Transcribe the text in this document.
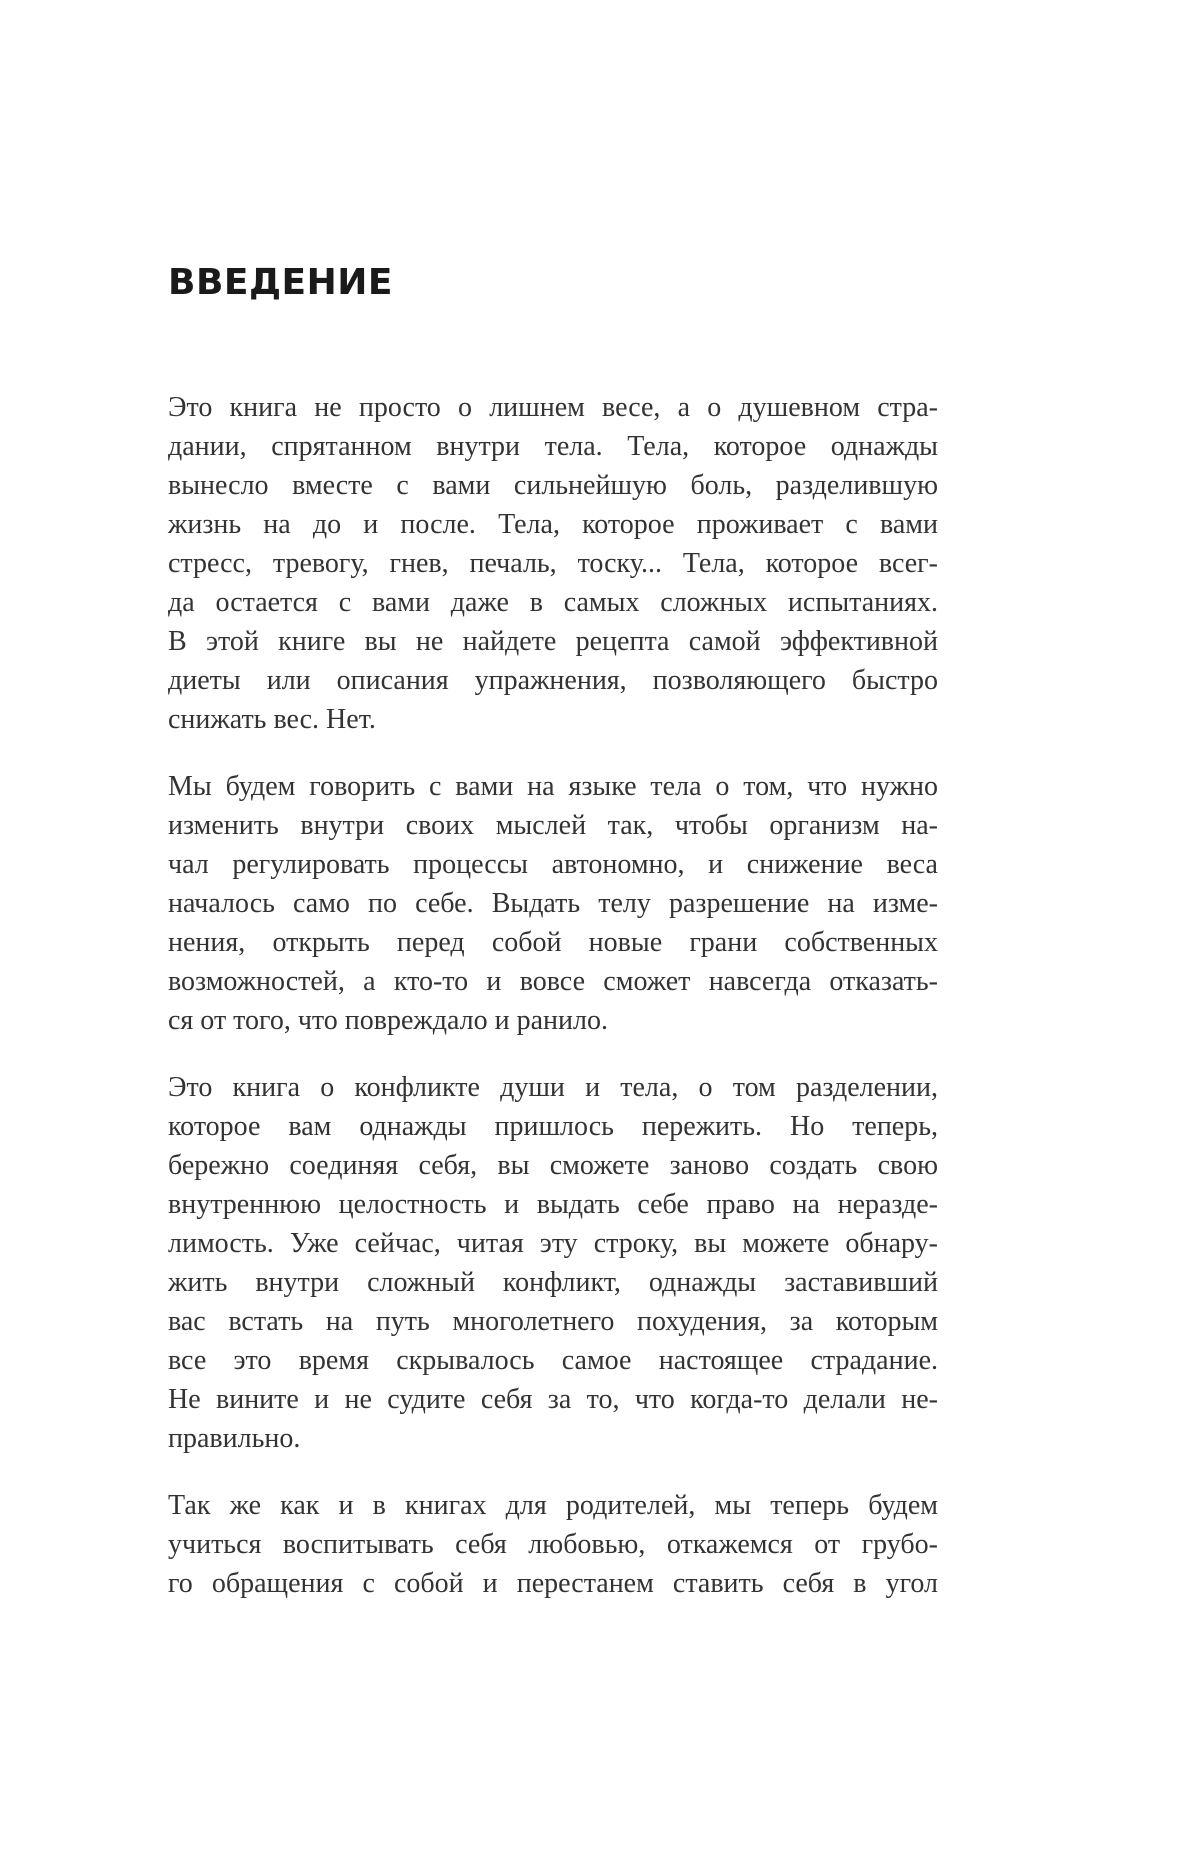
ВВЕДЕНИЕ

Это книга не просто о лишнем весе, а о душевном стра-
дании, спрятанном внутри тела. Тела, которое однажды
вынесло вместе с вами сильнейшую боль, разделившую
жизнь на до и после. Тела, которое проживает с вами
стресс, тревогу, гнев, печаль, тоску... Тела, которое всег-
да остается с вами даже в самых сложных испытаниях.
В этой книге вы не найдете рецепта самой эффективной
диеты или описания упражнения, позволяющего быстро
снижать вес. Нет.

Мы будем говорить с вами на языке тела о том, что нужно
изменить внутри своих мыслей так, чтобы организм на-
чал регулировать процессы автономно, и снижение веса
началось само по себе. Выдать телу разрешение на изме-
нения, открыть перед собой новые грани собственных
возможностей, а кто-то и вовсе сможет навсегда отказать-
ся от того, что повреждало и ранило.

Это книга о конфликте души и тела, о том разделении,
которое вам однажды пришлось пережить. Но теперь,
бережно соединяя себя, вы сможете заново создать свою
внутреннюю целостность и выдать себе право на неразде-
лимость. Уже сейчас, читая эту строку, вы можете обнару-
жить внутри сложный конфликт, однажды заставивший
вас встать на путь многолетнего похудения, за которым
все это время скрывалось самое настоящее страдание.
Не вините и не судите себя за то, что когда-то делали не-
правильно.

Так же как и в книгах для родителей, мы теперь будем
учиться воспитывать себя любовью, откажемся от грубо-
го обращения с собой и перестанем ставить себя в угол
